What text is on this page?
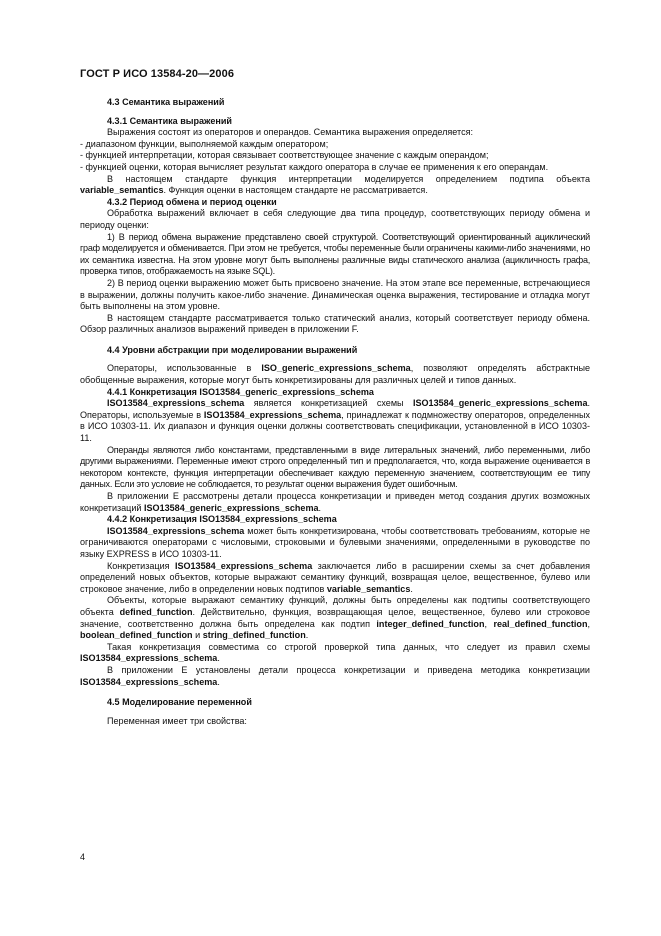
ГОСТ Р ИСО 13584-20—2006

4.3 Семантика выражений

4.3.1 Семантика выражений

Выражения состоят из операторов и операндов. Семантика выражения определяется:

- диапазоном функции, выполняемой каждым оператором;

- функцией интерпретации, которая связывает соответствующее значение с каждым операндом;

- функцией оценки, которая вычисляет результат каждого оператора в случае ее применения к его операндам.

В настоящем стандарте функция интерпретации моделируется определением подтипа объекта variable_semantics. Функция оценки в настоящем стандарте не рассматривается.

4.3.2 Период обмена и период оценки

Обработка выражений включает в себя следующие два типа процедур, соответствующих периоду обмена и периоду оценки:

1) В период обмена выражение представлено своей структурой. Соответствующий ориентированный ациклический граф моделируется и обменивается. При этом не требуется, чтобы переменные были ограничены какими-либо значениями, но их семантика известна. На этом уровне могут быть выполнены различные виды статического анализа (ацикличность графа, проверка типов, отображаемость на языке SQL).

2) В период оценки выражению может быть присвоено значение. На этом этапе все переменные, встречающиеся в выражении, должны получить какое-либо значение. Динамическая оценка выражения, тестирование и отладка могут быть выполнены на этом уровне.

В настоящем стандарте рассматривается только статический анализ, который соответствует периоду обмена. Обзор различных анализов выражений приведен в приложении F.

4.4 Уровни абстракции при моделировании выражений

Операторы, использованные в ISO_generic_expressions_schema, позволяют определять абстрактные обобщенные выражения, которые могут быть конкретизированы для различных целей и типов данных.

4.4.1 Конкретизация ISO13584_generic_expressions_schema

ISO13584_expressions_schema является конкретизацией схемы ISO13584_generic_expressions_schema. Операторы, используемые в ISO13584_expressions_schema, принадлежат к подмножеству операторов, определенных в ИСО 10303-11. Их диапазон и функция оценки должны соответствовать спецификации, установленной в ИСО 10303-11.

Операнды являются либо константами, представленными в виде литеральных значений, либо переменными, либо другими выражениями. Переменные имеют строго определенный тип и предполагается, что, когда выражение оценивается в некотором контексте, функция интерпретации обеспечивает каждую переменную значением, соответствующим ее типу данных. Если это условие не соблюдается, то результат оценки выражения будет ошибочным.

В приложении E рассмотрены детали процесса конкретизации и приведен метод создания других возможных конкретизаций ISO13584_generic_expressions_schema.

4.4.2 Конкретизация ISO13584_expressions_schema

ISO13584_expressions_schema может быть конкретизирована, чтобы соответствовать требованиям, которые не ограничиваются операторами с числовыми, строковыми и булевыми значениями, определенными в руководстве по языку EXPRESS в ИСО 10303-11.

Конкретизация ISO13584_expressions_schema заключается либо в расширении схемы за счет добавления определений новых объектов, которые выражают семантику функций, возвращая целое, вещественное, булево или строковое значение, либо в определении новых подтипов variable_semantics.

Объекты, которые выражают семантику функций, должны быть определены как подтипы соответствующего объекта defined_function. Действительно, функция, возвращающая целое, вещественное, булево или строковое значение, соответственно должна быть определена как подтип integer_defined_function, real_defined_function, boolean_defined_function и string_defined_function.

Такая конкретизация совместима со строгой проверкой типа данных, что следует из правил схемы ISO13584_expressions_schema.

В приложении E установлены детали процесса конкретизации и приведена методика конкретизации ISO13584_expressions_schema.

4.5 Моделирование переменной

Переменная имеет три свойства:

4
